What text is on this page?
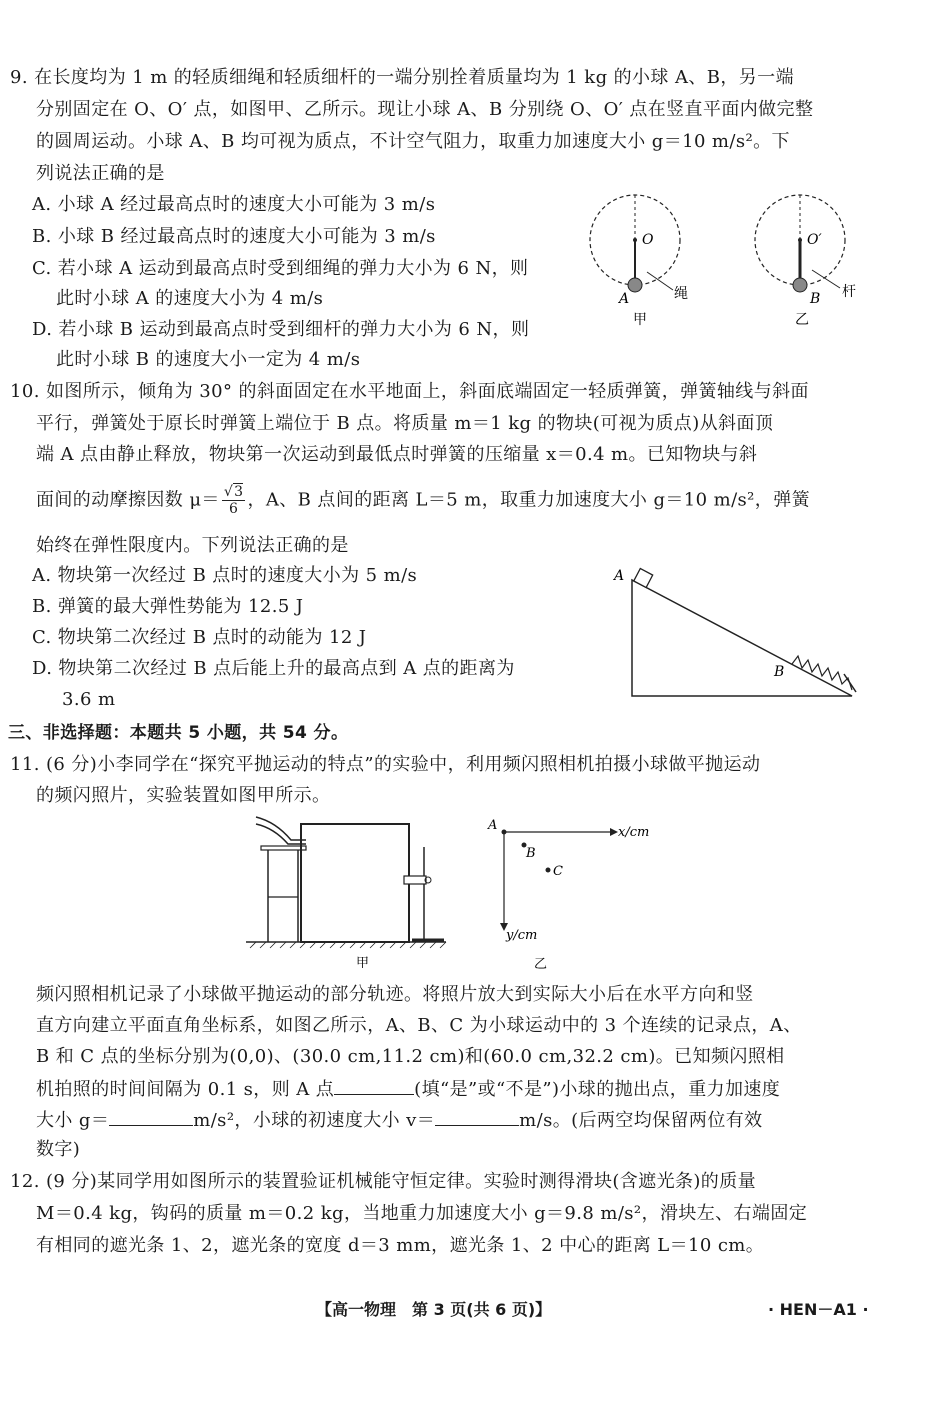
9. 在长度均为 1 m 的轻质细绳和轻质细杆的一端分别拴着质量均为 1 kg 的小球 A、B，另一端
分别固定在 O、O′ 点，如图甲、乙所示。现让小球 A、B 分别绕 O、O′ 点在竖直平面内做完整
的圆周运动。小球 A、B 均可视为质点，不计空气阻力，取重力加速度大小 g＝10 m/s²。下
列说法正确的是
A. 小球 A 经过最高点时的速度大小可能为 3 m/s
B. 小球 B 经过最高点时的速度大小可能为 3 m/s
C. 若小球 A 运动到最高点时受到细绳的弹力大小为 6 N，则
此时小球 A 的速度大小为 4 m/s
D. 若小球 B 运动到最高点时受到细杆的弹力大小为 6 N，则
此时小球 B 的速度大小一定为 4 m/s
O
A	绳
甲
O′
B 杆
乙
10. 如图所示，倾角为 30° 的斜面固定在水平地面上，斜面底端固定一轻质弹簧，弹簧轴线与斜面
平行，弹簧处于原长时弹簧上端位于 B 点。将质量 m＝1 kg 的物块(可视为质点)从斜面顶
端 A 点由静止释放，物块第一次运动到最低点时弹簧的压缩量 x＝0.4 m。已知物块与斜
面间的动摩擦因数 $\mu= \frac{√3}{6}$ ，A、B 点间的距离 L＝5 m，取重力加速度大小 g＝10 m/s²，弹簧
始终在弹性限度内。下列说法正确的是
A. 物块第一次经过 B 点时的速度大小为 5 m/s
B. 弹簧的最大弹性势能为 12.5 J
C. 物块第二次经过 B 点时的动能为 12 J
D. 物块第二次经过 B 点后能上升的最高点到 A 点的距离为
3.6 m
A
B
三、非选择题：本题共 5 小题，共 54 分。
11. (6 分)小李同学在“探究平抛运动的特点”的实验中，利用频闪照相机拍摄小球做平抛运动
的频闪照片，实验装置如图甲所示。
甲
A
B
C
x/cm
y/cm
乙
频闪照相机记录了小球做平抛运动的部分轨迹。将照片放大到实际大小后在水平方向和竖
直方向建立平面直角坐标系，如图乙所示，A、B、C 为小球运动中的 3 个连续的记录点，A、
B 和 C 点的坐标分别为(0,0)、(30.0 cm,11.2 cm)和(60.0 cm,32.2 cm)。已知频闪照相
机拍照的时间间隔为 0.1 s，则 A 点	(填“是”或“不是”)小球的抛出点，重力加速度
大小 g＝	m/s²，小球的初速度大小 v＝	m/s。(后两空均保留两位有效
数字)
12. (9 分)某同学用如图所示的装置验证机械能守恒定律。实验时测得滑块(含遮光条)的质量
M＝0.4 kg，钩码的质量 m＝0.2 kg，当地重力加速度大小 g＝9.8 m/s²，滑块左、右端固定
有相同的遮光条 1、2，遮光条的宽度 d＝3 mm，遮光条 1、2 中心的距离 L＝10 cm。
【高一物理　第 3 页(共 6 页)】	· HEN－A1 ·
